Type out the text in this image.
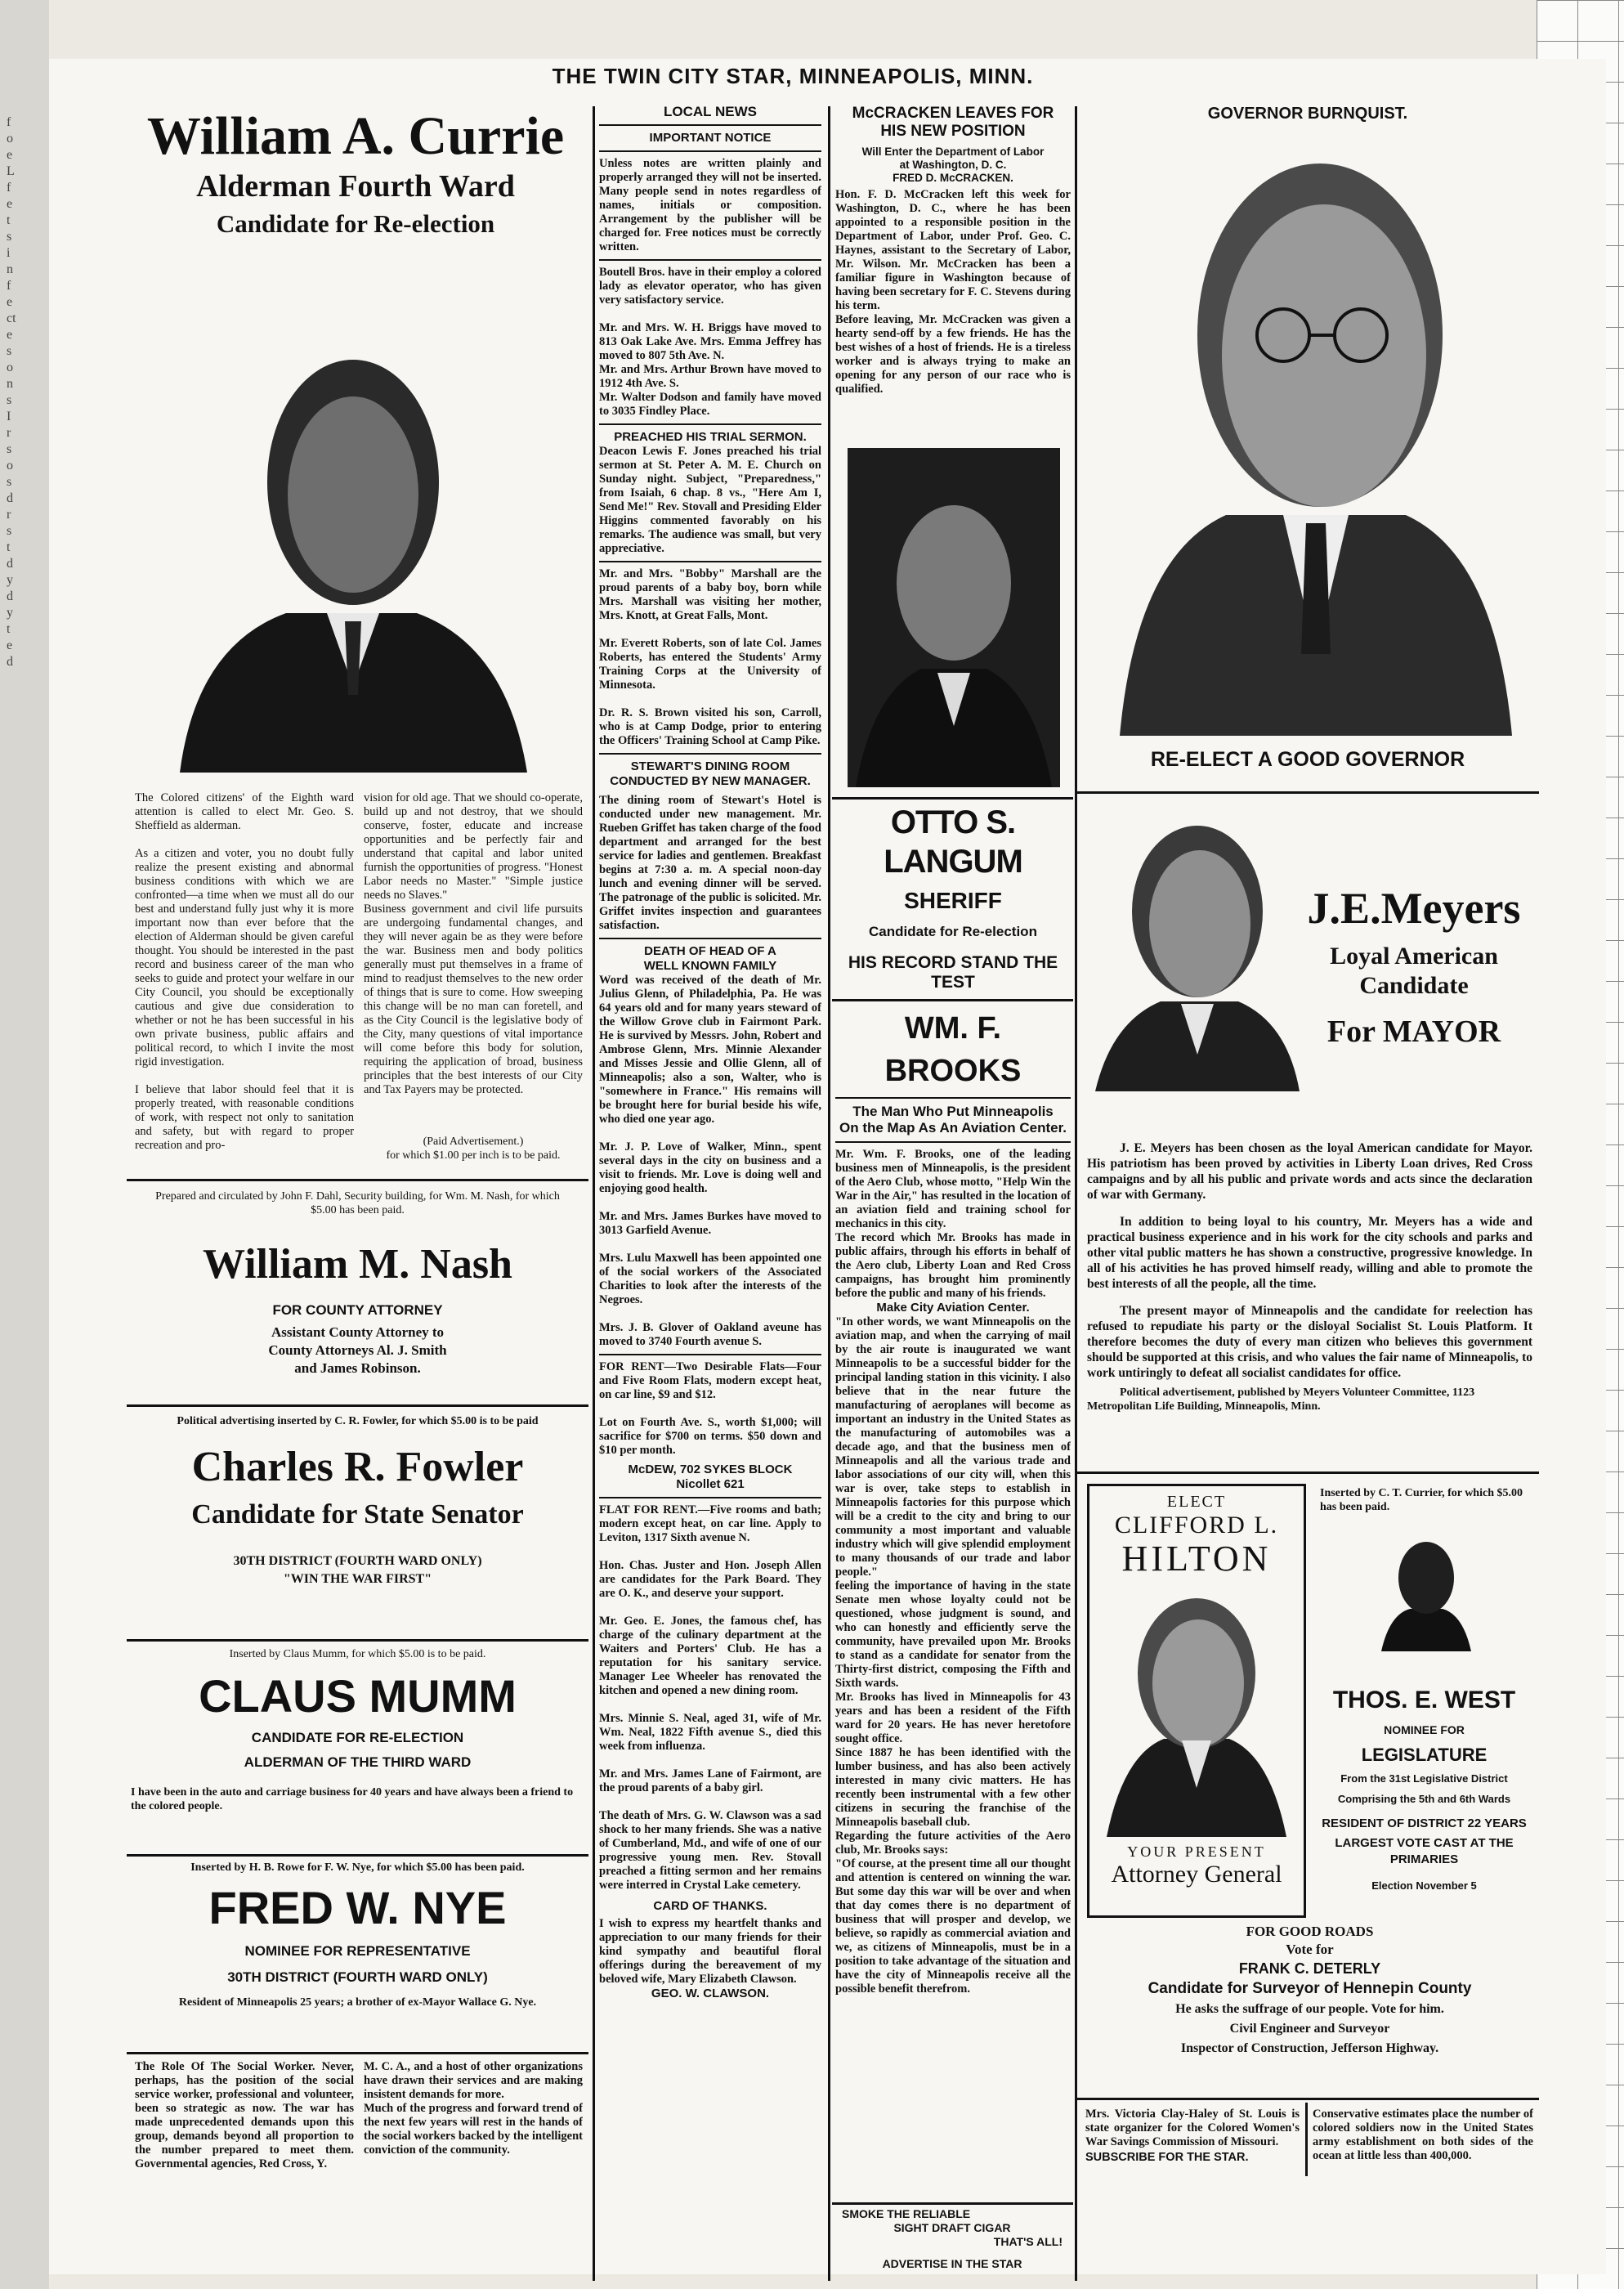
f
o
e
L
f
e
t
s
i
n
f
e
ct
e
s
o
n
s
I
r
s
o
s
d
r
s
t
d
y
d
y
t
e
d
THE TWIN CITY STAR, MINNEAPOLIS, MINN.
William A. Currie
Alderman Fourth Ward
Candidate for Re-election
The Colored citizens' of the Eighth ward attention is called to elect Mr. Geo. S. Sheffield as alderman.

As a citizen and voter, you no doubt fully realize the present existing and abnormal business conditions with which we are confronted—a time when we must all do our best and understand fully just why it is more important now than ever before that the election of Alderman should be given careful thought. You should be interested in the past record and business career of the man who seeks to guide and protect your welfare in our City Council, you should be exceptionally cautious and give due consideration to whether or not he has been successful in his own private business, public affairs and political record, to which I invite the most rigid investigation.

I believe that labor should feel that it is properly treated, with reasonable conditions of work, with respect not only to sanitation and safety, but with regard to proper recreation and pro-
vision for old age. That we should co-operate, build up and not destroy, that we should conserve, foster, educate and increase opportunities and be perfectly fair and understand that capital and labor united furnish the opportunities of progress. "Honest Labor needs no Master." "Simple justice needs no Slaves."
Business government and civil life pursuits are undergoing fundamental changes, and they will never again be as they were before the war. Business men and body politics generally must put themselves in a frame of mind to readjust themselves to the new order of things that is sure to come. How sweeping this change will be no man can foretell, and as the City Council is the legislative body of the City, many questions of vital importance will come before this body for solution, requiring the application of broad, business principles that the best interests of our City and Tax Payers may be protected.
(Paid Advertisement.)
for which $1.00 per inch is to be paid.
Prepared and circulated by John F. Dahl, Security building, for Wm. M. Nash, for which $5.00 has been paid.
William M. Nash
FOR COUNTY ATTORNEY
Assistant County Attorney to
County Attorneys Al. J. Smith
and James Robinson.
Political advertising inserted by C. R. Fowler, for which $5.00 is to be paid
Charles R. Fowler
Candidate for State Senator
30TH DISTRICT (FOURTH WARD ONLY)
"WIN THE WAR FIRST"
Inserted by Claus Mumm, for which $5.00 is to be paid.
CLAUS MUMM
CANDIDATE FOR RE-ELECTION
ALDERMAN OF THE THIRD WARD
I have been in the auto and carriage business for 40 years and have always been a friend to the colored people.
Inserted by H. B. Rowe for F. W. Nye, for which $5.00 has been paid.
FRED W. NYE
NOMINEE FOR REPRESENTATIVE
30TH DISTRICT (FOURTH WARD ONLY)
Resident of Minneapolis 25 years; a brother of ex-Mayor Wallace G. Nye.
The Role Of The Social Worker. Never, perhaps, has the position of the social service worker, professional and volunteer, been so strategic as now. The war has made unprecedented demands upon this group, demands beyond all proportion to the number prepared to meet them. Governmental agencies, Red Cross, Y.
M. C. A., and a host of other organizations have drawn their services and are making insistent demands for more.
Much of the progress and forward trend of the next few years will rest in the hands of the social workers backed by the intelligent conviction of the community.
LOCAL NEWS
IMPORTANT NOTICE
Unless notes are written plainly and properly arranged they will not be inserted. Many people send in notes regardless of names, initials or composition. Arrangement by the publisher will be charged for. Free notices must be correctly written.
Boutell Bros. have in their employ a colored lady as elevator operator, who has given very satisfactory service.

Mr. and Mrs. W. H. Briggs have moved to 813 Oak Lake Ave. Mrs. Emma Jeffrey has moved to 807 5th Ave. N.
Mr. and Mrs. Arthur Brown have moved to 1912 4th Ave. S.
Mr. Walter Dodson and family have moved to 3035 Findley Place.
PREACHED HIS TRIAL SERMON.
Deacon Lewis F. Jones preached his trial sermon at St. Peter A. M. E. Church on Sunday night. Subject, "Preparedness," from Isaiah, 6 chap. 8 vs., "Here Am I, Send Me!" Rev. Stovall and Presiding Elder Higgins commented favorably on his remarks. The audience was small, but very appreciative.
Mr. and Mrs. "Bobby" Marshall are the proud parents of a baby boy, born while Mrs. Marshall was visiting her mother, Mrs. Knott, at Great Falls, Mont.

Mr. Everett Roberts, son of late Col. James Roberts, has entered the Students' Army Training Corps at the University of Minnesota.

Dr. R. S. Brown visited his son, Carroll, who is at Camp Dodge, prior to entering the Officers' Training School at Camp Pike.
STEWART'S DINING ROOM
CONDUCTED BY NEW MANAGER.
The dining room of Stewart's Hotel is conducted under new management. Mr. Rueben Griffet has taken charge of the food department and arranged for the best service for ladies and gentlemen. Breakfast begins at 7:30 a. m. A special noon-day lunch and evening dinner will be served. The patronage of the public is solicited. Mr. Griffet invites inspection and guarantees satisfaction.
DEATH OF HEAD OF A
WELL KNOWN FAMILY
Word was received of the death of Mr. Julius Glenn, of Philadelphia, Pa. He was 64 years old and for many years steward of the Willow Grove club in Fairmont Park. He is survived by Messrs. John, Robert and Ambrose Glenn, Mrs. Minnie Alexander and Misses Jessie and Ollie Glenn, all of Minneapolis; also a son, Walter, who is "somewhere in France." His remains will be brought here for burial beside his wife, who died one year ago.

Mr. J. P. Love of Walker, Minn., spent several days in the city on business and a visit to friends. Mr. Love is doing well and enjoying good health.

Mr. and Mrs. James Burkes have moved to 3013 Garfield Avenue.

Mrs. Lulu Maxwell has been appointed one of the social workers of the Associated Charities to look after the interests of the Negroes.

Mrs. J. B. Glover of Oakland aveune has moved to 3740 Fourth avenue S.
FOR RENT—Two Desirable Flats—Four and Five Room Flats, modern except heat, on car line, $9 and $12.

Lot on Fourth Ave. S., worth $1,000; will sacrifice for $700 on terms. $50 down and $10 per month.
McDEW, 702 SYKES BLOCK
Nicollet 621
FLAT FOR RENT.—Five rooms and bath; modern except heat, on car line. Apply to Leviton, 1317 Sixth avenue N.

Hon. Chas. Juster and Hon. Joseph Allen are candidates for the Park Board. They are O. K., and deserve your support.

Mr. Geo. E. Jones, the famous chef, has charge of the culinary department at the Waiters and Porters' Club. He has a reputation for his sanitary service. Manager Lee Wheeler has renovated the kitchen and opened a new dining room.

Mrs. Minnie S. Neal, aged 31, wife of Mr. Wm. Neal, 1822 Fifth avenue S., died this week from influenza.

Mr. and Mrs. James Lane of Fairmont, are the proud parents of a baby girl.

The death of Mrs. G. W. Clawson was a sad shock to her many friends. She was a native of Cumberland, Md., and wife of one of our progressive young men. Rev. Stovall preached a fitting sermon and her remains were interred in Crystal Lake cemetery.
CARD OF THANKS.
I wish to express my heartfelt thanks and appreciation to our many friends for their kind sympathy and beautiful floral offerings during the bereavement of my beloved wife, Mary Elizabeth Clawson.
GEO. W. CLAWSON.
McCRACKEN LEAVES FOR
HIS NEW POSITION
Will Enter the Department of Labor
at Washington, D. C.
FRED D. McCRACKEN.
Hon. F. D. McCracken left this week for Washington, D. C., where he has been appointed to a responsible position in the Department of Labor, under Prof. Geo. C. Haynes, assistant to the Secretary of Labor, Mr. Wilson. Mr. McCracken has been a familiar figure in Washington because of having been secretary for F. C. Stevens during his term.
Before leaving, Mr. McCracken was given a hearty send-off by a few friends. He has the best wishes of a host of friends. He is a tireless worker and is always trying to make an opening for any person of our race who is qualified.
OTTO S. LANGUM
SHERIFF
Candidate for Re-election
HIS RECORD STAND THE TEST
WM. F. BROOKS
The Man Who Put Minneapolis
On the Map As An Aviation Center.
Mr. Wm. F. Brooks, one of the leading business men of Minneapolis, is the president of the Aero Club, whose motto, "Help Win the War in the Air," has resulted in the location of an aviation field and training school for mechanics in this city.
The record which Mr. Brooks has made in public affairs, through his efforts in behalf of the Aero club, Liberty Loan and Red Cross campaigns, has brought him prominently before the public and many of his friends.
Make City Aviation Center.
"In other words, we want Minneapolis on the aviation map, and when the carrying of mail by the air route is inaugurated we want Minneapolis to be a successful bidder for the principal landing station in this vicinity. I also believe that in the near future the manufacturing of aeroplanes will become as important an industry in the United States as the manufacturing of automobiles was a decade ago, and that the business men of Minneapolis and all the various trade and labor associations of our city will, when this war is over, take steps to establish in Minneapolis factories for this purpose which will be a credit to the city and bring to our community a most important and valuable industry which will give splendid employment to many thousands of our trade and labor people."
feeling the importance of having in the state Senate men whose loyalty could not be questioned, whose judgment is sound, and who can honestly and efficiently serve the community, have prevailed upon Mr. Brooks to stand as a candidate for senator from the Thirty-first district, composing the Fifth and Sixth wards.
Mr. Brooks has lived in Minneapolis for 43 years and has been a resident of the Fifth ward for 20 years. He has never heretofore sought office.
Since 1887 he has been identified with the lumber business, and has also been actively interested in many civic matters. He has recently been instrumental with a few other citizens in securing the franchise of the Minneapolis baseball club.
Regarding the future activities of the Aero club, Mr. Brooks says:
"Of course, at the present time all our thought and attention is centered on winning the war. But some day this war will be over and when that day comes there is no department of business that will prosper and develop, we believe, so rapidly as commercial aviation and we, as citizens of Minneapolis, must be in a position to take advantage of the situation and have the city of Minneapolis receive all the possible benefit therefrom.
SMOKE THE RELIABLE
SIGHT DRAFT CIGAR
THAT'S ALL!
ADVERTISE IN THE STAR
GOVERNOR BURNQUIST.
RE-ELECT A GOOD GOVERNOR
J.E.Meyers
Loyal American
Candidate
For MAYOR
J. E. Meyers has been chosen as the loyal American candidate for Mayor. His patriotism has been proved by activities in Liberty Loan drives, Red Cross campaigns and by all his public and private words and acts since the declaration of war with Germany.
In addition to being loyal to his country, Mr. Meyers has a wide and practical business experience and in his work for the city schools and parks and other vital public matters he has shown a constructive, progressive knowledge. In all of his activities he has proved himself ready, willing and able to promote the best interests of all the people, all the time.
The present mayor of Minneapolis and the candidate for reelection has refused to repudiate his party or the disloyal Socialist St. Louis Platform. It therefore becomes the duty of every man citizen who believes this government should be supported at this crisis, and who values the fair name of Minneapolis, to work untiringly to defeat all socialist candidates for office.
Political advertisement, published by Meyers Volunteer Committee, 1123 Metropolitan Life Building, Minneapolis, Minn.
ELECT
CLIFFORD L.
HILTON
YOUR PRESENT
Attorney General
Inserted by C. T. Currier, for which $5.00 has been paid.
THOS. E. WEST
NOMINEE FOR
LEGISLATURE
From the 31st Legislative District
Comprising the 5th and 6th Wards
RESIDENT OF DISTRICT 22 YEARS
LARGEST VOTE CAST AT THE
PRIMARIES
Election November 5
FOR GOOD ROADS
Vote for
FRANK C. DETERLY
Candidate for Surveyor of Hennepin County
He asks the suffrage of our people. Vote for him.
Civil Engineer and Surveyor
Inspector of Construction, Jefferson Highway.
Mrs. Victoria Clay-Haley of St. Louis is state organizer for the Colored Women's War Savings Commission of Missouri.
SUBSCRIBE FOR THE STAR.
Conservative estimates place the number of colored soldiers now in the United States army establishment on both sides of the ocean at little less than 400,000.
